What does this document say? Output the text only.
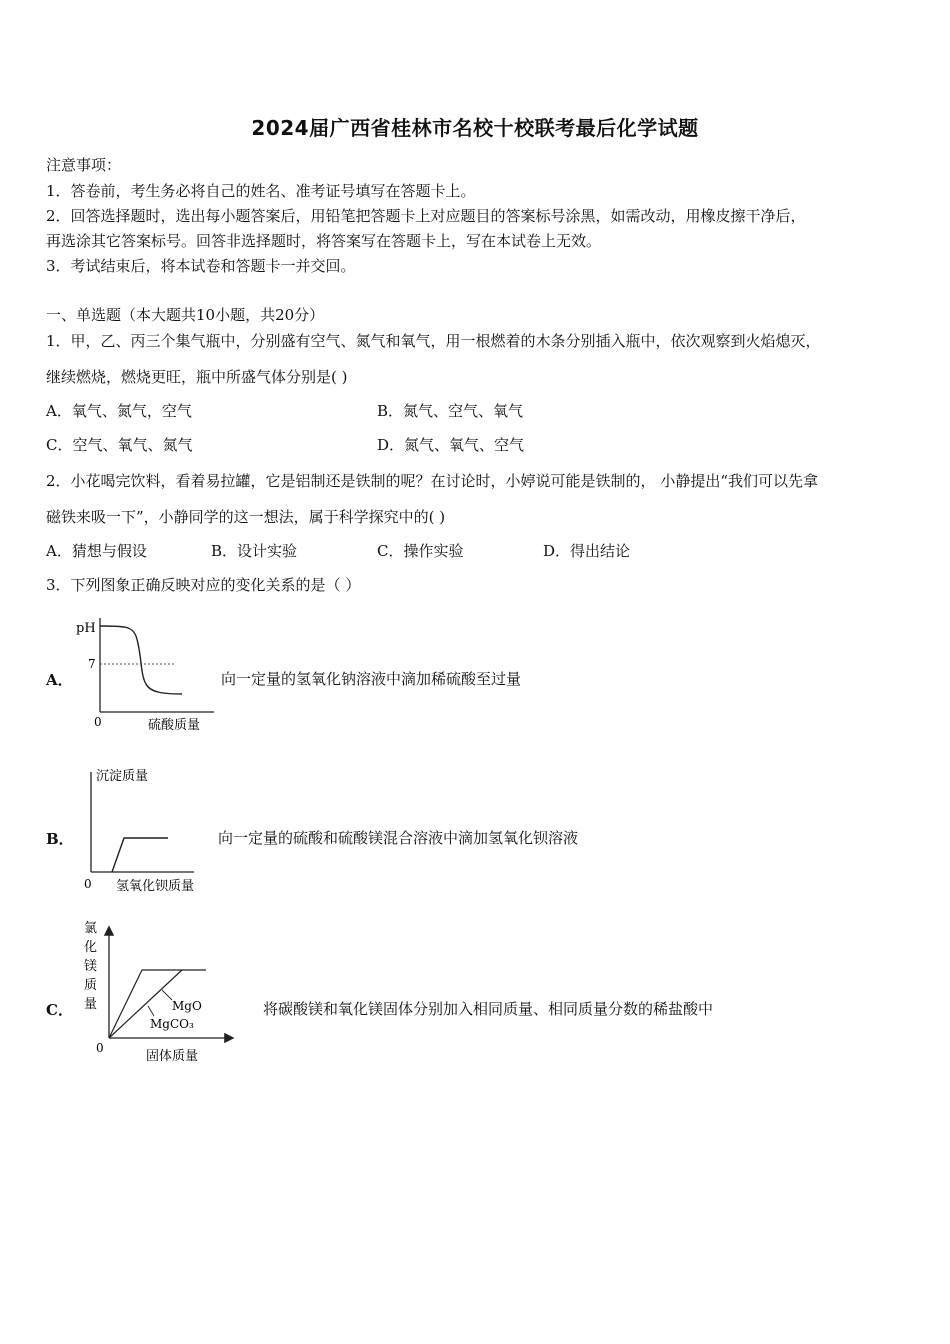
2024届广西省桂林市名校十校联考最后化学试题
注意事项：
1．答卷前，考生务必将自己的姓名、准考证号填写在答题卡上。
2．回答选择题时，选出每小题答案后，用铅笔把答题卡上对应题目的答案标号涂黑，如需改动，用橡皮擦干净后，
再选涂其它答案标号。回答非选择题时，将答案写在答题卡上，写在本试卷上无效。
3．考试结束后，将本试卷和答题卡一并交回。
一、单选题（本大题共10小题，共20分）
1．甲，乙、丙三个集气瓶中，分别盛有空气、氮气和氧气，用一根燃着的木条分别插入瓶中，依次观察到火焰熄灭，
继续燃烧，燃烧更旺，瓶中所盛气体分别是( )
A．氧气、氮气，空气	B．氮气、空气、氧气
C．空气、氧气、氮气	D．氮气、氧气、空气
2．小花喝完饮料，看着易拉罐，它是铝制还是铁制的呢？在讨论时，小婷说可能是铁制的， 小静提出“我们可以先拿
磁铁来吸一下”，小静同学的这一想法，属于科学探究中的( )
A．猜想与假设	B．设计实验	C．操作实验	D．得出结论
3．下列图象正确反映对应的变化关系的是（ ）
A．
pH
7
0	硫酸质量
向一定量的氢氧化钠溶液中滴加稀硫酸至过量
B．
沉淀质量
0 氢氧化钡质量
向一定量的硫酸和硫酸镁混合溶液中滴加氢氧化钡溶液
C．
氯
化
镁
质
量	MgO
MgCO₃
0
固体质量
将碳酸镁和氧化镁固体分别加入相同质量、相同质量分数的稀盐酸中
